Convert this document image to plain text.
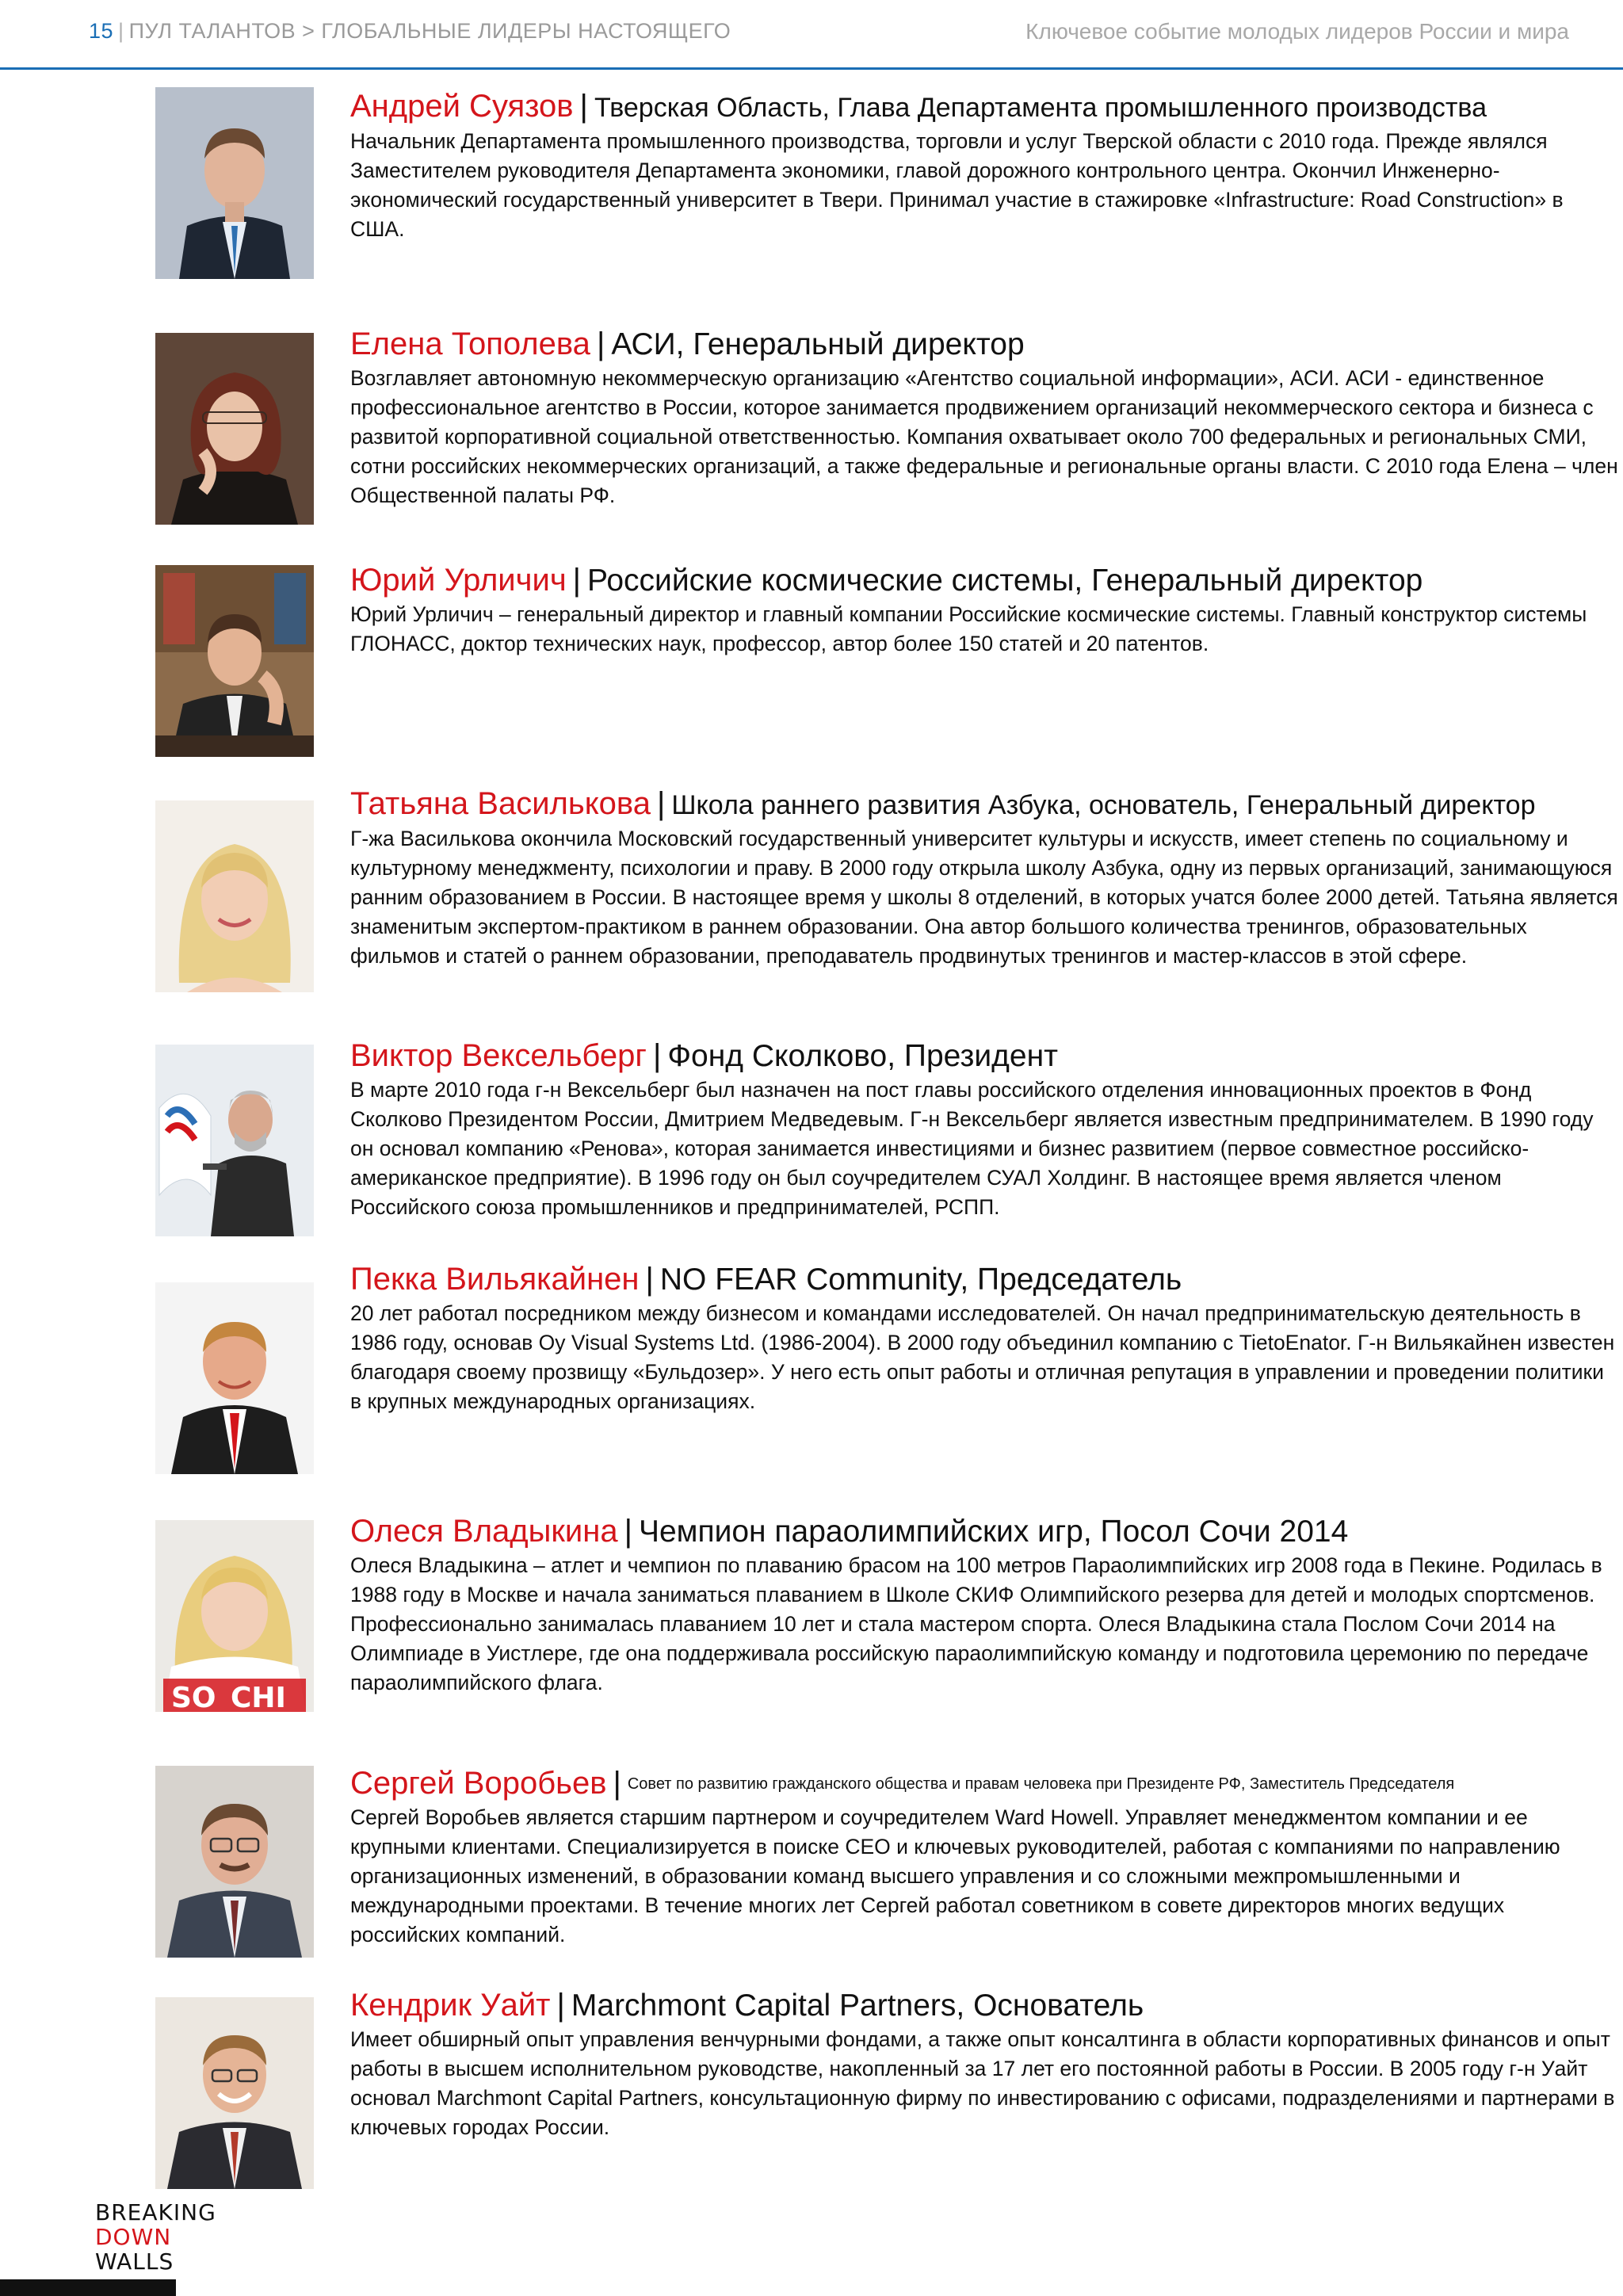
15 | ПУЛ ТАЛАНТОВ > ГЛОБАЛЬНЫЕ ЛИДЕРЫ НАСТОЯЩЕГО	Ключевое событие молодых лидеров России и мира

Андрей Суязов | Тверская Область, Глава Департамента промышленного производства

Начальник Департамента промышленного производства, торговли и услуг Тверской области с 2010 года. Прежде являлся Заместителем руководителя Департамента экономики, главой дорожного контрольного центра. Окончил Инженерно-экономический государственный университет в Твери. Принимал участие в стажировке «Infrastructure: Road Construction» в США.

Елена Тополева | АСИ, Генеральный директор

Возглавляет автономную некоммерческую организацию «Агентство социальной информации», АСИ. АСИ - единственное профессиональное агентство в России, которое занимается продвижением организаций некоммерческого сектора и бизнеса с развитой корпоративной социальной ответственностью. Компания охватывает около 700 федеральных и региональных СМИ, сотни российских некоммерческих организаций, а также федеральные и региональные органы власти. С 2010 года Елена – член Общественной палаты РФ.

Юрий Урличич | Российские космические системы, Генеральный директор

Юрий Урличич – генеральный директор и главный компании Российские космические системы. Главный конструктор системы ГЛОНАСС, доктор технических наук, профессор, автор более 150 статей и 20 патентов.

Татьяна Василькова | Школа раннего развития Азбука, основатель, Генеральный директор

Г-жа Василькова окончила Московский государственный университет культуры и искусств, имеет степень по социальному и культурному менеджменту, психологии и праву. В 2000 году открыла школу Азбука, одну из первых организаций, занимающуюся ранним образованием в России. В настоящее время у школы 8 отделений, в которых учатся более 2000 детей. Татьяна является знаменитым экспертом-практиком в раннем образовании. Она автор большого количества тренингов, образовательных фильмов и статей о раннем образовании, преподаватель продвинутых тренингов и мастер-классов в этой сфере.

Виктор Вексельберг | Фонд Сколково, Президент

В марте 2010 года г-н Вексельберг был назначен на пост главы российского отделения инновационных проектов в Фонд Сколково Президентом России, Дмитрием Медведевым. Г-н Вексельберг является известным предпринимателем. В 1990 году он основал компанию «Ренова», которая занимается инвестициями и бизнес развитием (первое совместное российско-американское предприятие). В 1996 году он был соучредителем СУАЛ Холдинг. В настоящее время является членом Российского союза промышленников и предпринимателей, РСПП.

Пекка Вильякайнен | NO FEAR Community, Председатель

20 лет работал посредником между бизнесом и командами исследователей. Он начал предпринимательскую деятельность в 1986 году, основав Oy Visual Systems Ltd. (1986-2004). В 2000 году объединил компанию с TietoEnator. Г-н Вильякайнен известен благодаря своему прозвищу «Бульдозер». У него есть опыт работы и отличная репутация в управлении и проведении политики в крупных международных организациях.

SO CHI

Олеся Владыкина | Чемпион параолимпийских игр, Посол Сочи 2014

Олеся Владыкина – атлет и чемпион по плаванию брасом на 100 метров Параолимпийских игр 2008 года в Пекине. Родилась в 1988 году в Москве и начала заниматься плаванием в Школе СКИФ Олимпийского резерва для детей и молодых спортсменов. Профессионально занималась плаванием 10 лет и стала мастером спорта. Олеся Владыкина стала Послом Сочи 2014 на Олимпиаде в Уистлере, где она поддерживала российскую параолимпийскую команду и подготовила церемонию по передаче параолимпийского флага.

Сергей Воробьев | Совет по развитию гражданского общества и правам человека при Президенте РФ, Заместитель Председателя

Сергей Воробьев является старшим партнером и соучредителем Ward Howell. Управляет менеджментом компании и ее крупными клиентами. Специализируется в поиске CEO и ключевых руководителей, работая с компаниями по направлению организационных изменений, в образовании команд высшего управления и со сложными межпромышленными и международными проектами. В течение многих лет Сергей работал советником в совете директоров многих ведущих российских компаний.

Кендрик Уайт | Marchmont Capital Partners, Основатель

Имеет обширный опыт управления венчурными фондами, а также опыт консалтинга в области корпоративных финансов и опыт работы в высшем исполнительном руководстве, накопленный за 17 лет его постоянной работы в России. В 2005 году г-н Уайт основал Marchmont Capital Partners, консультационную фирму по инвестированию с офисами, подразделениями и партнерами в ключевых городах России.

BREAKING
DOWN
WALLS
